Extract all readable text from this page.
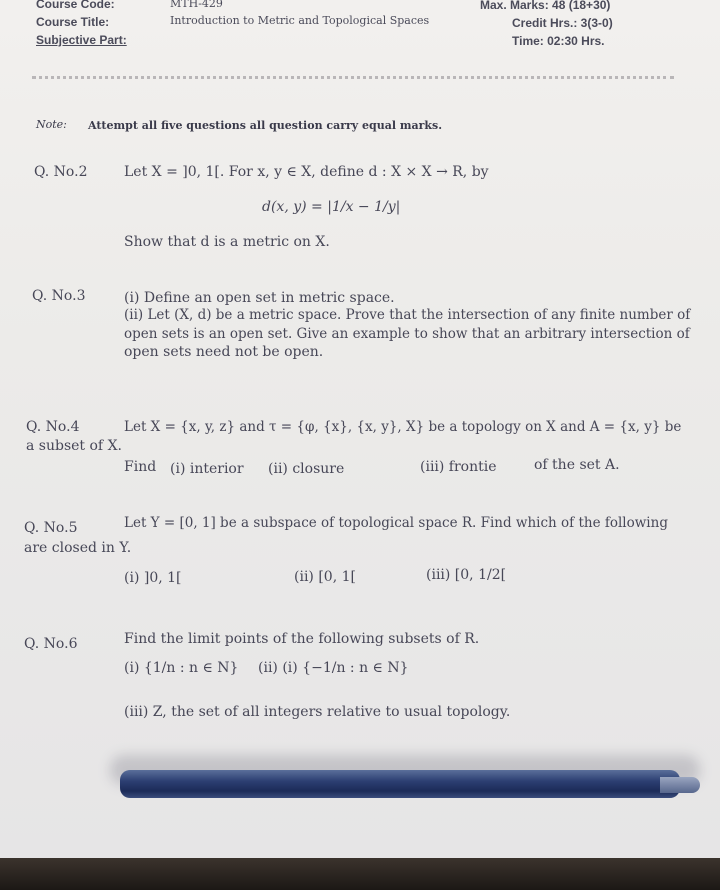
Course Code:	MTH-429
Course Title:	Introduction to Metric and Topological Spaces
Subjective Part:
Max. Marks: 48 (18+30)
Credit Hrs.: 3(3-0)
Time: 02:30 Hrs.
Note: Attempt all five questions all question carry equal marks.
Q. No.2	Let X = ]0, 1[. For x, y ∈ X, define d : X × X → R, by
d(x, y) = |1/x − 1/y|
Show that d is a metric on X.
Q. No.3	(i) Define an open set in metric space.
(ii) Let (X, d) be a metric space. Prove that the intersection of any finite number of
open sets is an open set. Give an example to show that an arbitrary intersection of
open sets need not be open.
Q. No.4	Let X = {x, y, z} and τ = {φ, {x}, {x, y}, X} be a topology on X and A = {x, y} be
a subset of X.
Find (i) interior (ii) closure	(iii) frontie	of the set A.
Q. No.5	Let Y = [0, 1] be a subspace of topological space R. Find which of the following
are closed in Y.
(i) ]0, 1[	(ii) [0, 1[	(iii) [0, 1/2[
Q. No.6	Find the limit points of the following subsets of R.
(i) {1/n : n ∈ N} (ii) (i) {−1/n : n ∈ N}
(iii) Z, the set of all integers relative to usual topology.
